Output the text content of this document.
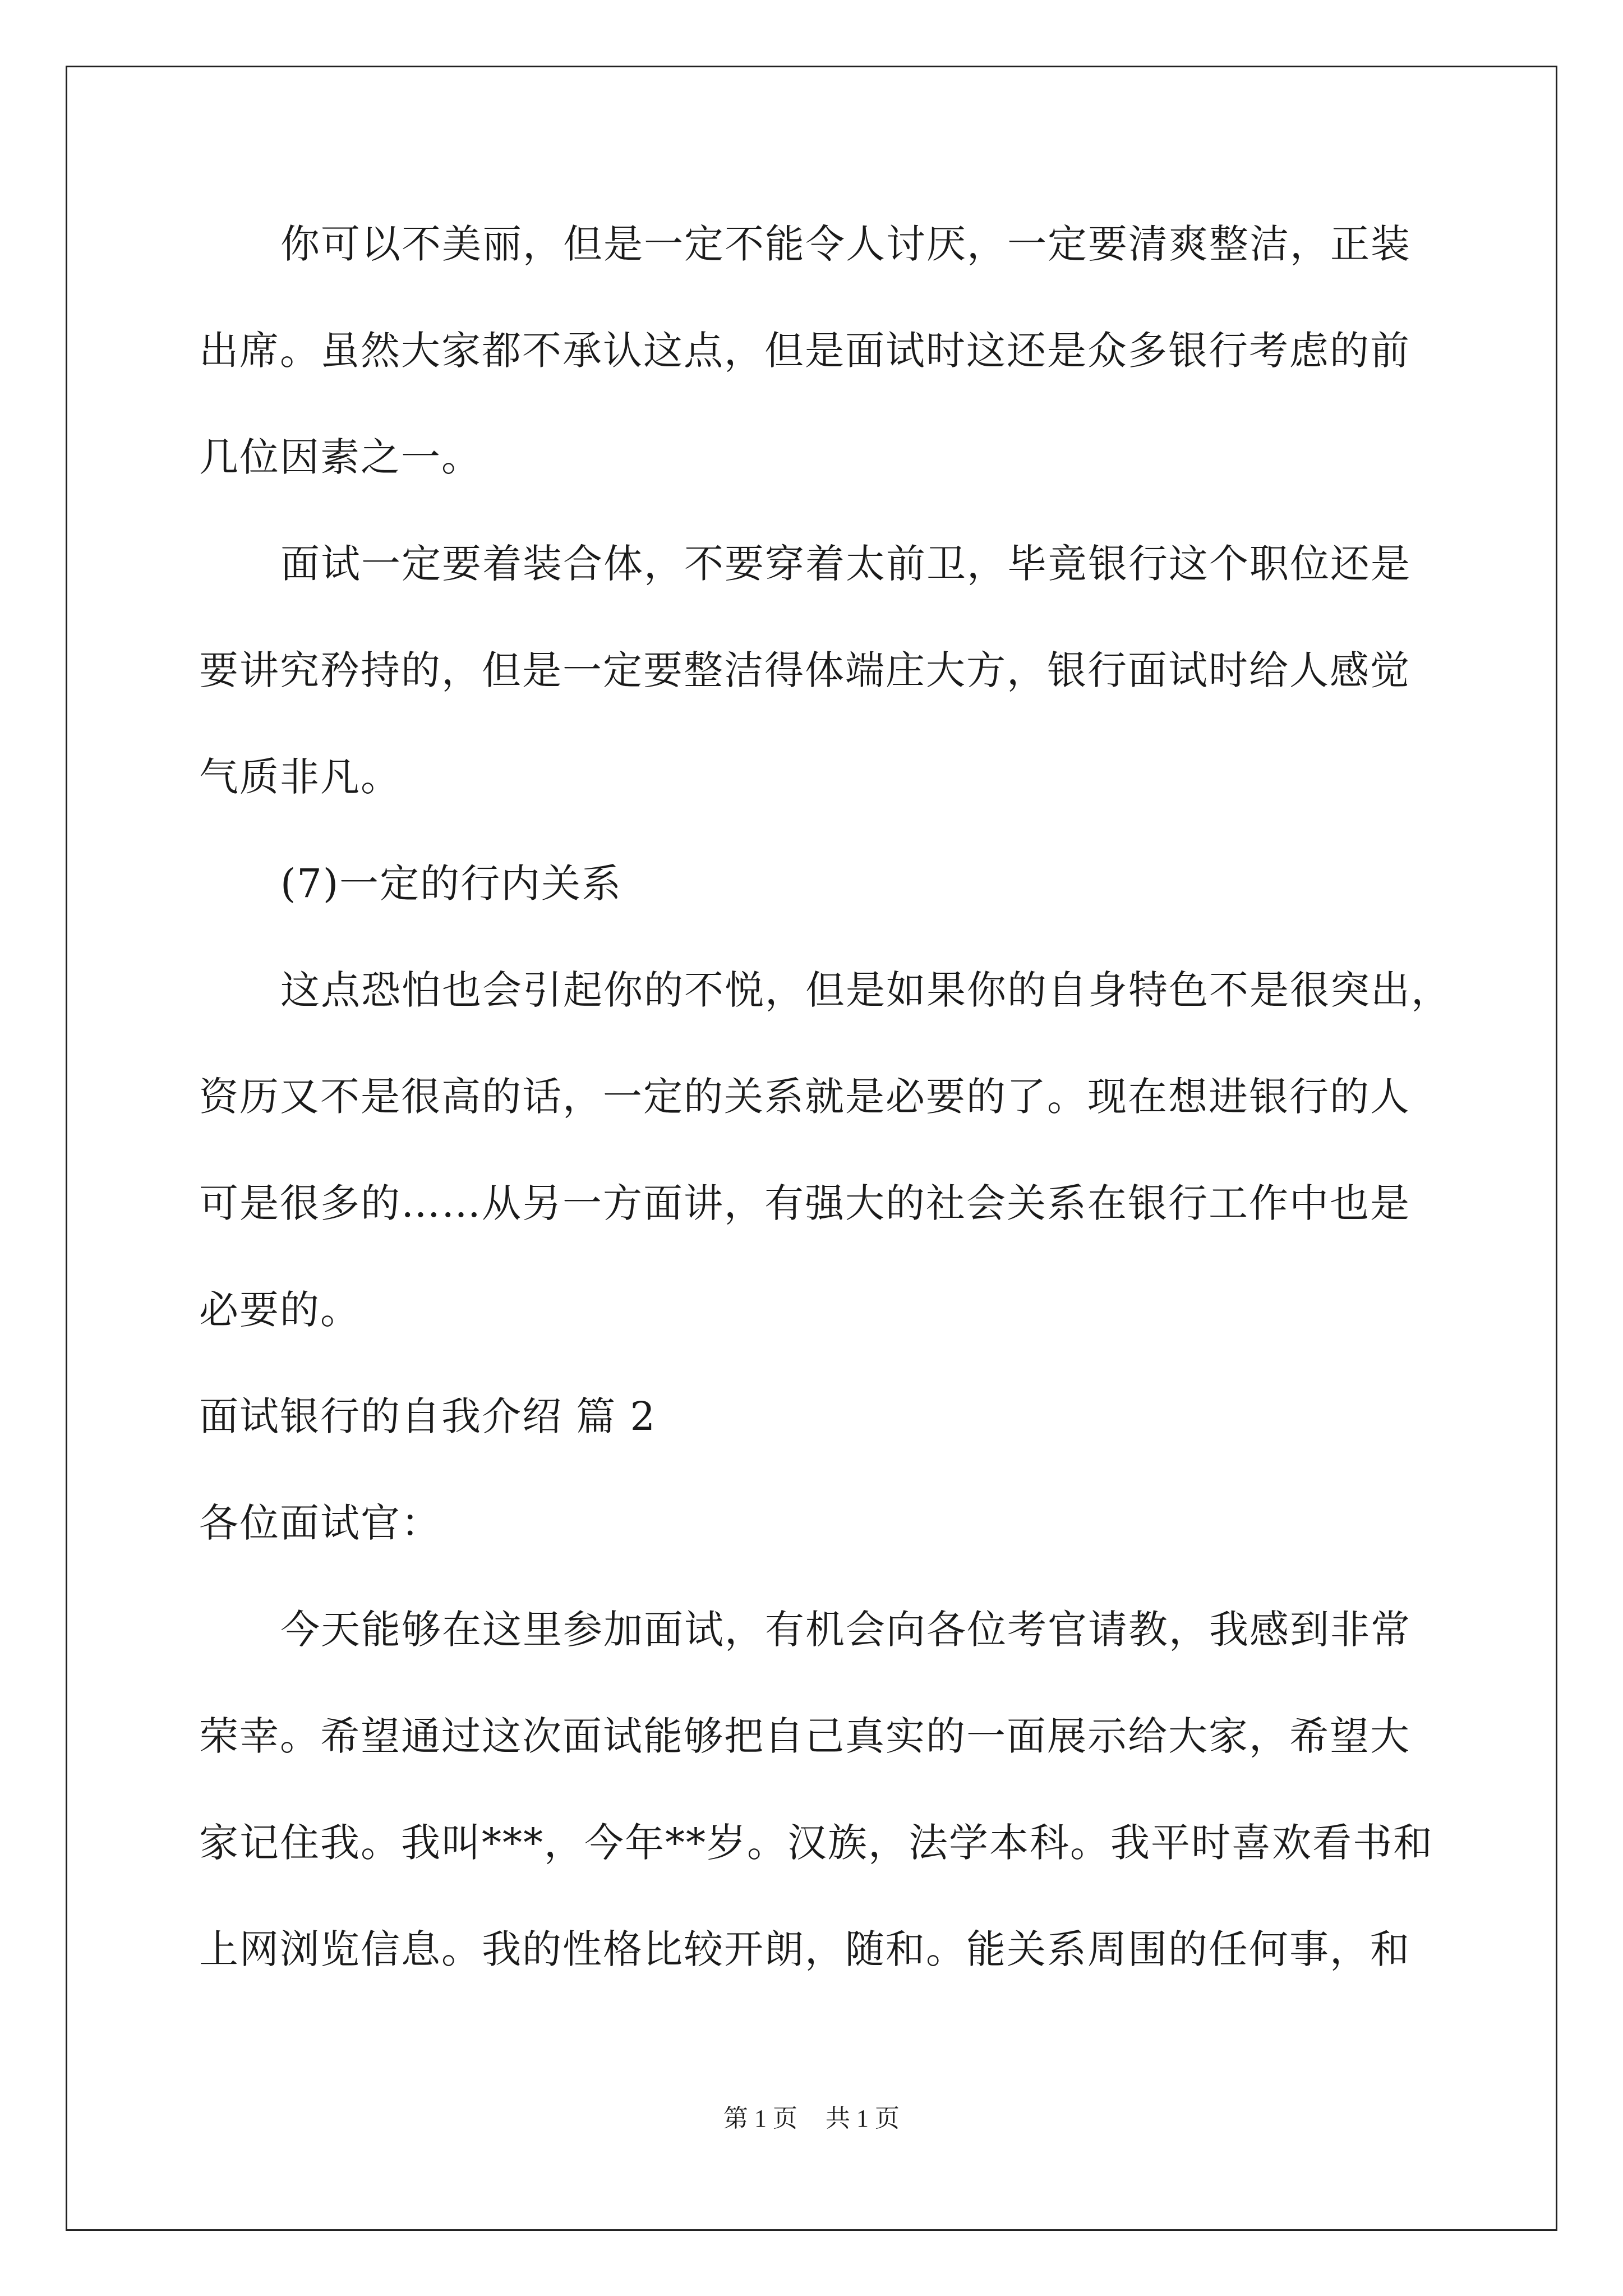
你可以不美丽，但是一定不能令人讨厌，一定要清爽整洁，正装
出席。虽然大家都不承认这点，但是面试时这还是众多银行考虑的前
几位因素之一。
面试一定要着装合体，不要穿着太前卫，毕竟银行这个职位还是
要讲究矜持的，但是一定要整洁得体端庄大方，银行面试时给人感觉
气质非凡。
(7)一定的行内关系
这点恐怕也会引起你的不悦，但是如果你的自身特色不是很突出，
资历又不是很高的话，一定的关系就是必要的了。现在想进银行的人
可是很多的……从另一方面讲，有强大的社会关系在银行工作中也是
必要的。
面试银行的自我介绍 篇 2
各位面试官：
今天能够在这里参加面试，有机会向各位考官请教，我感到非常
荣幸。希望通过这次面试能够把自己真实的一面展示给大家，希望大
家记住我。我叫***，今年**岁。汉族，法学本科。我平时喜欢看书和
上网浏览信息。我的性格比较开朗，随和。能关系周围的任何事，和
第 1 页 共 1 页
